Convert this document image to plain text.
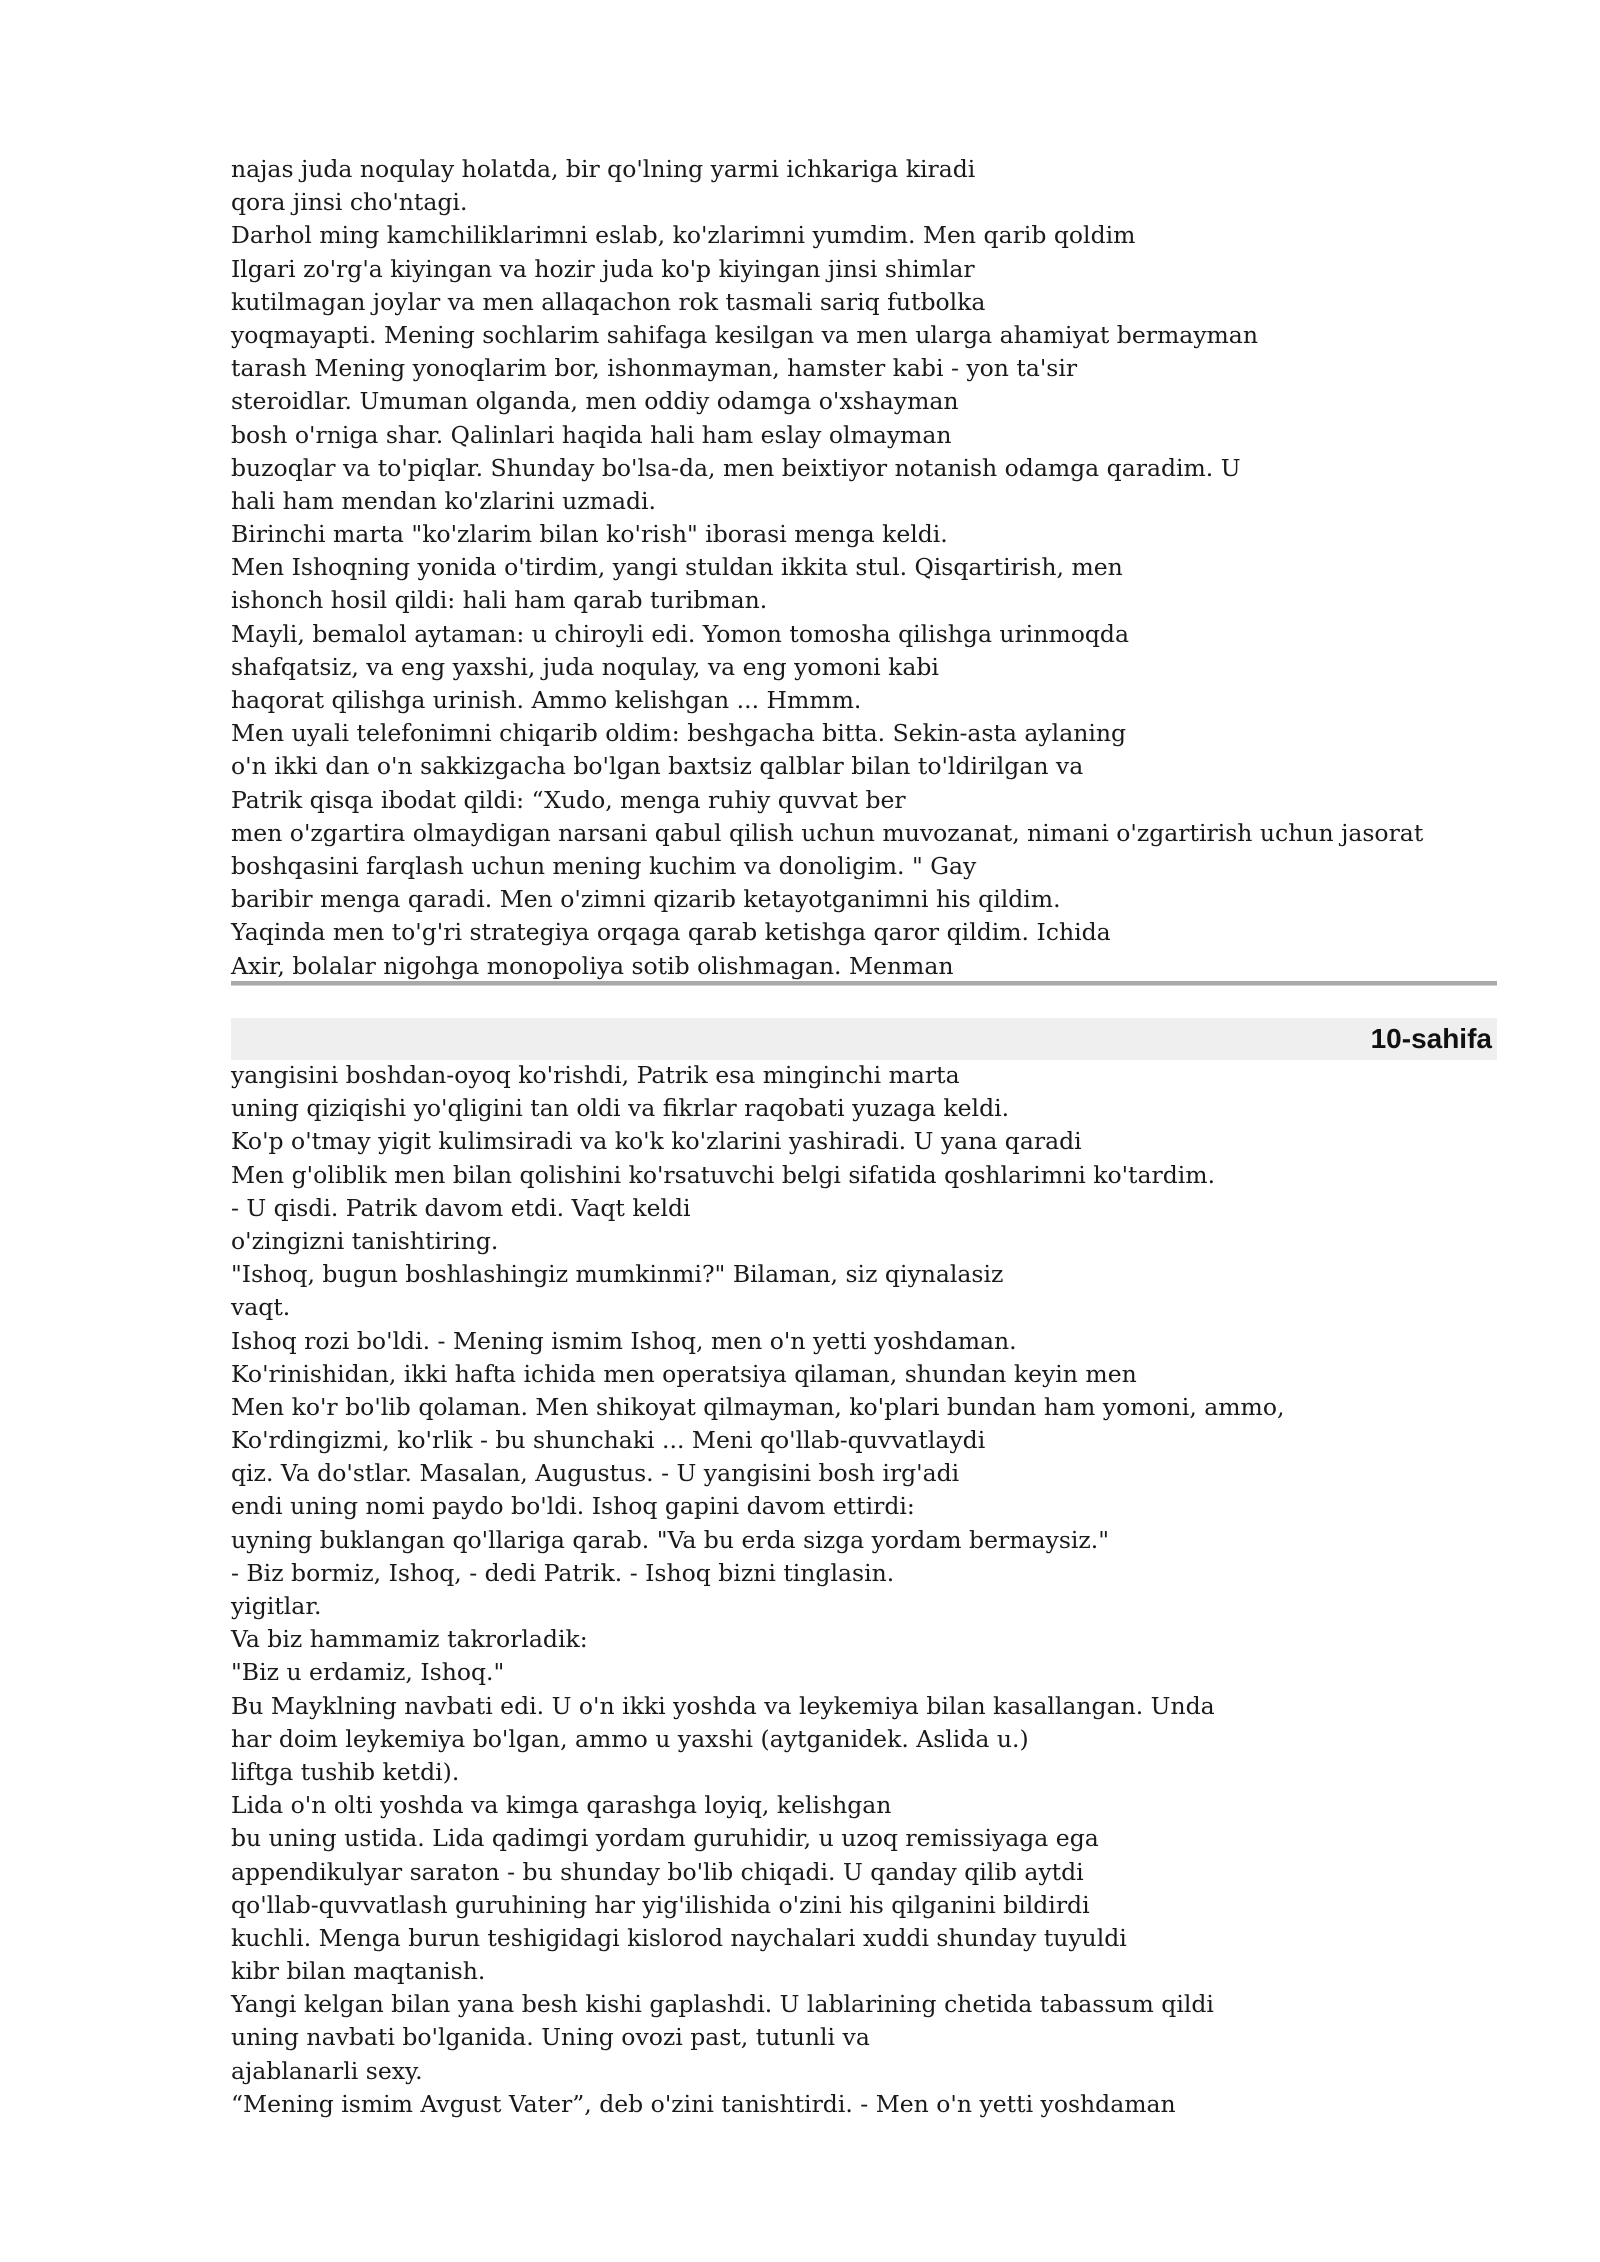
najas juda noqulay holatda, bir qo'lning yarmi ichkariga kiradi
qora jinsi cho'ntagi.
Darhol ming kamchiliklarimni eslab, ko'zlarimni yumdim. Men qarib qoldim
Ilgari zo'rg'a kiyingan va hozir juda ko'p kiyingan jinsi shimlar
kutilmagan joylar va men allaqachon rok tasmali sariq futbolka
yoqmayapti. Mening sochlarim sahifaga kesilgan va men ularga ahamiyat bermayman
tarash Mening yonoqlarim bor, ishonmayman, hamster kabi - yon ta'sir
steroidlar. Umuman olganda, men oddiy odamga o'xshayman
bosh o'rniga shar. Qalinlari haqida hali ham eslay olmayman
buzoqlar va to'piqlar. Shunday bo'lsa-da, men beixtiyor notanish odamga qaradim. U
hali ham mendan ko'zlarini uzmadi.
Birinchi marta "ko'zlarim bilan ko'rish" iborasi menga keldi.
Men Ishoqning yonida o'tirdim, yangi stuldan ikkita stul. Qisqartirish, men
ishonch hosil qildi: hali ham qarab turibman.
Mayli, bemalol aytaman: u chiroyli edi. Yomon tomosha qilishga urinmoqda
shafqatsiz, va eng yaxshi, juda noqulay, va eng yomoni kabi
haqorat qilishga urinish. Ammo kelishgan ... Hmmm.
Men uyali telefonimni chiqarib oldim: beshgacha bitta. Sekin-asta aylaning
o'n ikki dan o'n sakkizgacha bo'lgan baxtsiz qalblar bilan to'ldirilgan va
Patrik qisqa ibodat qildi: “Xudo, menga ruhiy quvvat ber
men o'zgartira olmaydigan narsani qabul qilish uchun muvozanat, nimani o'zgartirish uchun jasorat
boshqasini farqlash uchun mening kuchim va donoligim. " Gay
baribir menga qaradi. Men o'zimni qizarib ketayotganimni his qildim.
Yaqinda men to'g'ri strategiya orqaga qarab ketishga qaror qildim. Ichida
Axir, bolalar nigohga monopoliya sotib olishmagan. Menman
10-sahifa
yangisini boshdan-oyoq ko'rishdi, Patrik esa minginchi marta
uning qiziqishi yo'qligini tan oldi va fikrlar raqobati yuzaga keldi.
Ko'p o'tmay yigit kulimsiradi va ko'k ko'zlarini yashiradi. U yana qaradi
Men g'oliblik men bilan qolishini ko'rsatuvchi belgi sifatida qoshlarimni ko'tardim.
- U qisdi. Patrik davom etdi. Vaqt keldi
o'zingizni tanishtiring.
"Ishoq, bugun boshlashingiz mumkinmi?" Bilaman, siz qiynalasiz
vaqt.
Ishoq rozi bo'ldi. - Mening ismim Ishoq, men o'n yetti yoshdaman.
Ko'rinishidan, ikki hafta ichida men operatsiya qilaman, shundan keyin men
Men ko'r bo'lib qolaman. Men shikoyat qilmayman, ko'plari bundan ham yomoni, ammo,
Ko'rdingizmi, ko'rlik - bu shunchaki ... Meni qo'llab-quvvatlaydi
qiz. Va do'stlar. Masalan, Augustus. - U yangisini bosh irg'adi
endi uning nomi paydo bo'ldi. Ishoq gapini davom ettirdi:
uyning buklangan qo'llariga qarab. "Va bu erda sizga yordam bermaysiz."
- Biz bormiz, Ishoq, - dedi Patrik. - Ishoq bizni tinglasin.
yigitlar.
Va biz hammamiz takrorladik:
"Biz u erdamiz, Ishoq."
Bu Mayklning navbati edi. U o'n ikki yoshda va leykemiya bilan kasallangan. Unda
har doim leykemiya bo'lgan, ammo u yaxshi (aytganidek. Aslida u.)
liftga tushib ketdi).
Lida o'n olti yoshda va kimga qarashga loyiq, kelishgan
bu uning ustida. Lida qadimgi yordam guruhidir, u uzoq remissiyaga ega
appendikulyar saraton - bu shunday bo'lib chiqadi. U qanday qilib aytdi
qo'llab-quvvatlash guruhining har yig'ilishida o'zini his qilganini bildirdi
kuchli. Menga burun teshigidagi kislorod naychalari xuddi shunday tuyuldi
kibr bilan maqtanish.
Yangi kelgan bilan yana besh kishi gaplashdi. U lablarining chetida tabassum qildi
uning navbati bo'lganida. Uning ovozi past, tutunli va
ajablanarli sexy.
“Mening ismim Avgust Vater”, deb o'zini tanishtirdi. - Men o'n yetti yoshdaman
